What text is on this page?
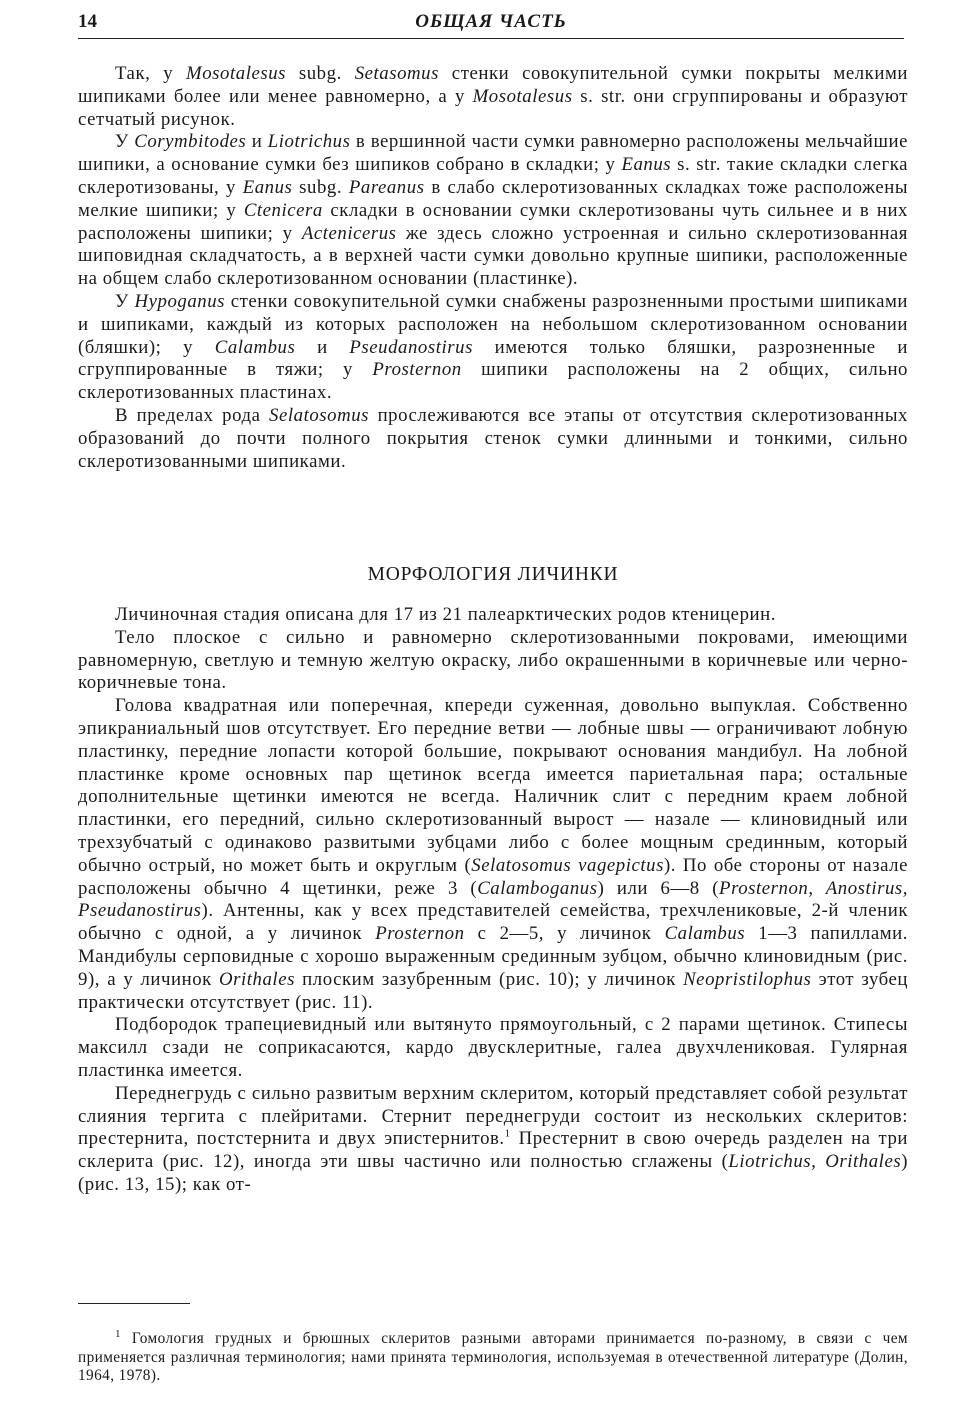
14	ОБЩАЯ ЧАСТЬ

Так, у Mosotalesus subg. Setasomus стенки совокупительной сумки покрыты мелкими шипиками более или менее равномерно, а у Mosotalesus s. str. они сгруппированы и образуют сетчатый рисунок.

У Corymbitodes и Liotrichus в вершинной части сумки равномерно расположены мельчайшие шипики, а основание сумки без шипиков собрано в складки; у Eanus s. str. такие складки слегка склеротизованы, у Eanus subg. Pareanus в слабо склеротизованных складках тоже расположены мелкие шипики; у Ctenicera складки в основании сумки склеротизованы чуть сильнее и в них расположены шипики; у Actenicerus же здесь сложно устроенная и сильно склеротизованная шиповидная складчатость, а в верхней части сумки довольно крупные шипики, расположенные на общем слабо склеротизованном основании (пластинке).

У Hypoganus стенки совокупительной сумки снабжены разрозненными простыми шипиками и шипиками, каждый из которых расположен на небольшом склеротизованном основании (бляшки); у Calambus и Pseudanostirus имеются только бляшки, разрозненные и сгруппированные в тяжи; у Prosternon шипики расположены на 2 общих, сильно склеротизованных пластинах.

В пределах рода Selatosomus прослеживаются все этапы от отсутствия склеротизованных образований до почти полного покрытия стенок сумки длинными и тонкими, сильно склеротизованными шипиками.

МОРФОЛОГИЯ ЛИЧИНКИ

Личиночная стадия описана для 17 из 21 палеарктических родов ктеницерин.

Тело плоское с сильно и равномерно склеротизованными покровами, имеющими равномерную, светлую и темную желтую окраску, либо окрашенными в коричневые или черно-коричневые тона.

Голова квадратная или поперечная, кпереди суженная, довольно выпуклая. Собственно эпикраниальный шов отсутствует. Его передние ветви — лобные швы — ограничивают лобную пластинку, передние лопасти которой большие, покрывают основания мандибул. На лобной пластинке кроме основных пар щетинок всегда имеется париетальная пара; остальные дополнительные щетинки имеются не всегда. Наличник слит с передним краем лобной пластинки, его передний, сильно склеротизованный вырост — назале — клиновидный или трехзубчатый с одинаково развитыми зубцами либо с более мощным срединным, который обычно острый, но может быть и округлым (Selatosomus vagepictus). По обе стороны от назале расположены обычно 4 щетинки, реже 3 (Calamboganus) или 6—8 (Prosternon, Anostirus, Pseudanostirus). Антенны, как у всех представителей семейства, трехчлениковые, 2-й членик обычно с одной, а у личинок Prosternon с 2—5, у личинок Calambus 1—3 папиллами. Мандибулы серповидные с хорошо выраженным срединным зубцом, обычно клиновидным (рис. 9), а у личинок Orithales плоским зазубренным (рис. 10); у личинок Neopristilophus этот зубец практически отсутствует (рис. 11).

Подбородок трапециевидный или вытянуто прямоугольный, с 2 парами щетинок. Стипесы максилл сзади не соприкасаются, кардо двусклеритные, галеа двухчлениковая. Гулярная пластинка имеется.

Переднегрудь с сильно развитым верхним склеритом, который представляет собой результат слияния тергита с плейритами. Стернит переднегруди состоит из нескольких склеритов: престернита, постстернита и двух эпистернитов.$^1$ Престернит в свою очередь разделен на три склерита (рис. 12), иногда эти швы частично или полностью сглажены (Liotrichus, Orithales) (рис. 13, 15); как от-

$^1$ Гомология грудных и брюшных склеритов разными авторами принимается по-разному, в связи с чем применяется различная терминология; нами принята терминология, используемая в отечественной литературе (Долин, 1964, 1978).
